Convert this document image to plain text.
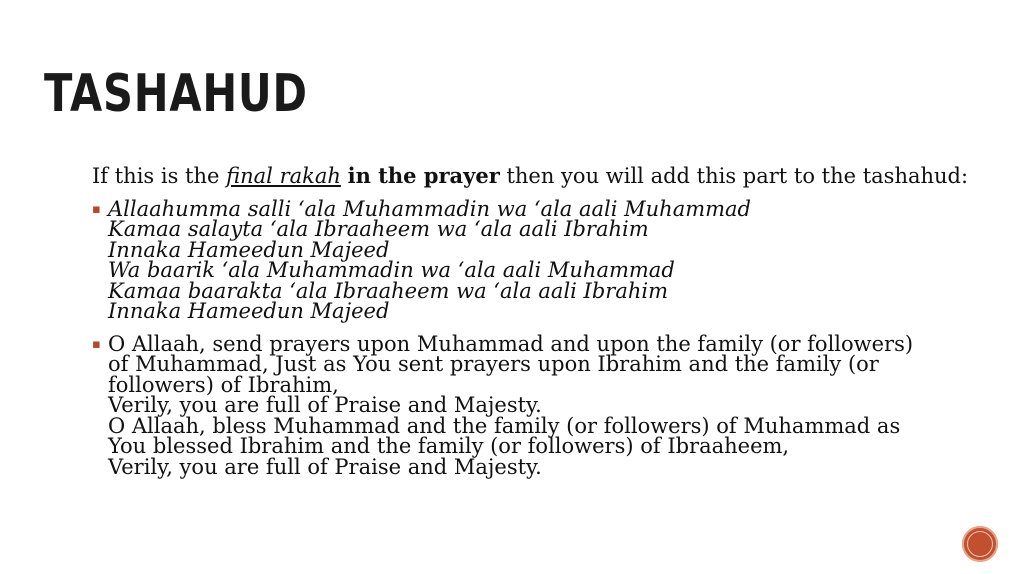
TASHAHUD

If this is the final rakah in the prayer then you will add this part to the tashahud:

▪ Allaahumma salli ‘ala Muhammadin wa ‘ala aali Muhammad
Kamaa salayta ‘ala Ibraaheem wa ‘ala aali Ibrahim
Innaka Hameedun Majeed
Wa baarik ‘ala Muhammadin wa ‘ala aali Muhammad
Kamaa baarakta ‘ala Ibraaheem wa ‘ala aali Ibrahim
Innaka Hameedun Majeed
▪ O Allaah, send prayers upon Muhammad and upon the family (or followers)
of Muhammad, Just as You sent prayers upon Ibrahim and the family (or
followers) of Ibrahim,
Verily, you are full of Praise and Majesty.
O Allaah, bless Muhammad and the family (or followers) of Muhammad as
You blessed Ibrahim and the family (or followers) of Ibraaheem,
Verily, you are full of Praise and Majesty.
